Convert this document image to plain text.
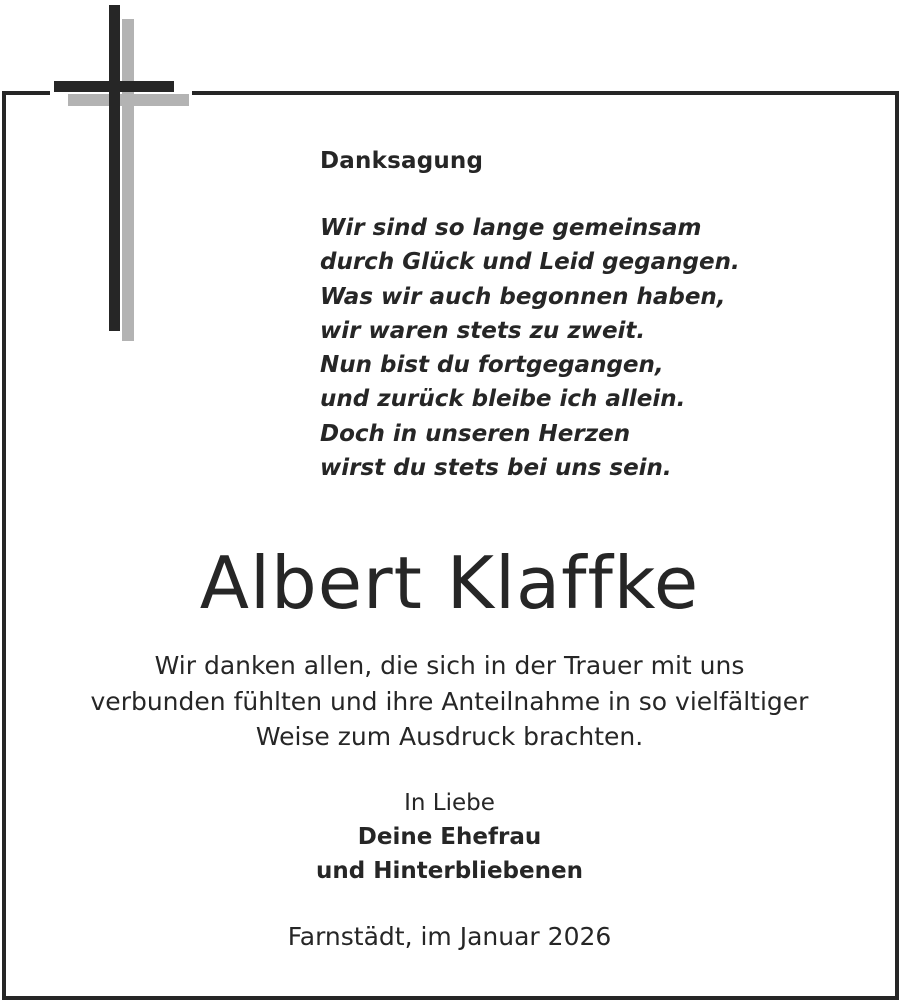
Danksagung
Wir sind so lange gemeinsam
durch Glück und Leid gegangen.
Was wir auch begonnen haben,
wir waren stets zu zweit.
Nun bist du fortgegangen,
und zurück bleibe ich allein.
Doch in unseren Herzen
wirst du stets bei uns sein.
Albert Klaffke
Wir danken allen, die sich in der Trauer mit uns
verbunden fühlten und ihre Anteilnahme in so vielfältiger
Weise zum Ausdruck brachten.
In Liebe
Deine Ehefrau
und Hinterbliebenen
Farnstädt, im Januar 2026
